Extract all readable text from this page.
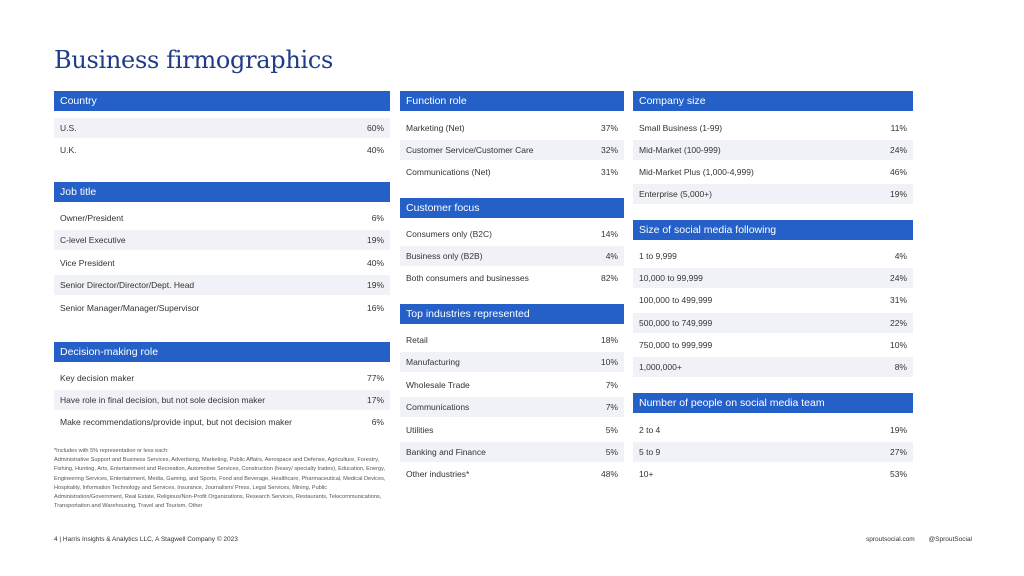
Business firmographics
Country
U.S.	60%
U.K.	40%
Job title
Owner/President	6%
C-level Executive	19%
Vice President	40%
Senior Director/Director/Dept. Head	19%
Senior Manager/Manager/Supervisor	16%
Decision-making role
Key decision maker	77%
Have role in final decision, but not sole decision maker	17%
Make recommendations/provide input, but not decision maker	6%
Function role
Marketing (Net)	37%
Customer Service/Customer Care	32%
Communications (Net)	31%
Customer focus
Consumers only (B2C)	14%
Business only (B2B)	4%
Both consumers and businesses	82%
Top industries represented
Retail	18%
Manufacturing	10%
Wholesale Trade	7%
Communications	7%
Utilities	5%
Banking and Finance	5%
Other industries*	48%
Company size
Small Business (1-99)	11%
Mid-Market (100-999)	24%
Mid-Market Plus (1,000-4,999)	46%
Enterprise (5,000+)	19%
Size of social media following
1 to 9,999	4%
10,000 to 99,999	24%
100,000 to 499,999	31%
500,000 to 749,999	22%
750,000 to 999,999	10%
1,000,000+	8%
Number of people on social media team
2 to 4	19%
5 to 9	27%
10+	53%

*Includes with 5% representation or less each:

Administrative Support and Business Services, Advertising, Marketing, Public Affairs, Aerospace and Defense, Agriculture, Forestry, Fishing, Hunting, Arts, Entertainment and Recreation, Automotive Services, Construction (heavy/ specialty trades), Education, Energy, Engineering Services, Entertainment, Media, Gaming, and Sports, Food and Beverage, Healthcare, Pharmaceutical, Medical Devices, Hospitality, Information Technology and Services, Insurance, Journalism/ Press, Legal Services, Mining, Public Administration/Government, Real Estate, Religious/Non-Profit Organizations, Research Services, Restaurants, Telecommunications, Transportation and Warehousing, Travel and Tourism, Other

4 | Harris Insights & Analytics LLC, A Stagwell Company © 2023	sproutsocial.com @SproutSocial
